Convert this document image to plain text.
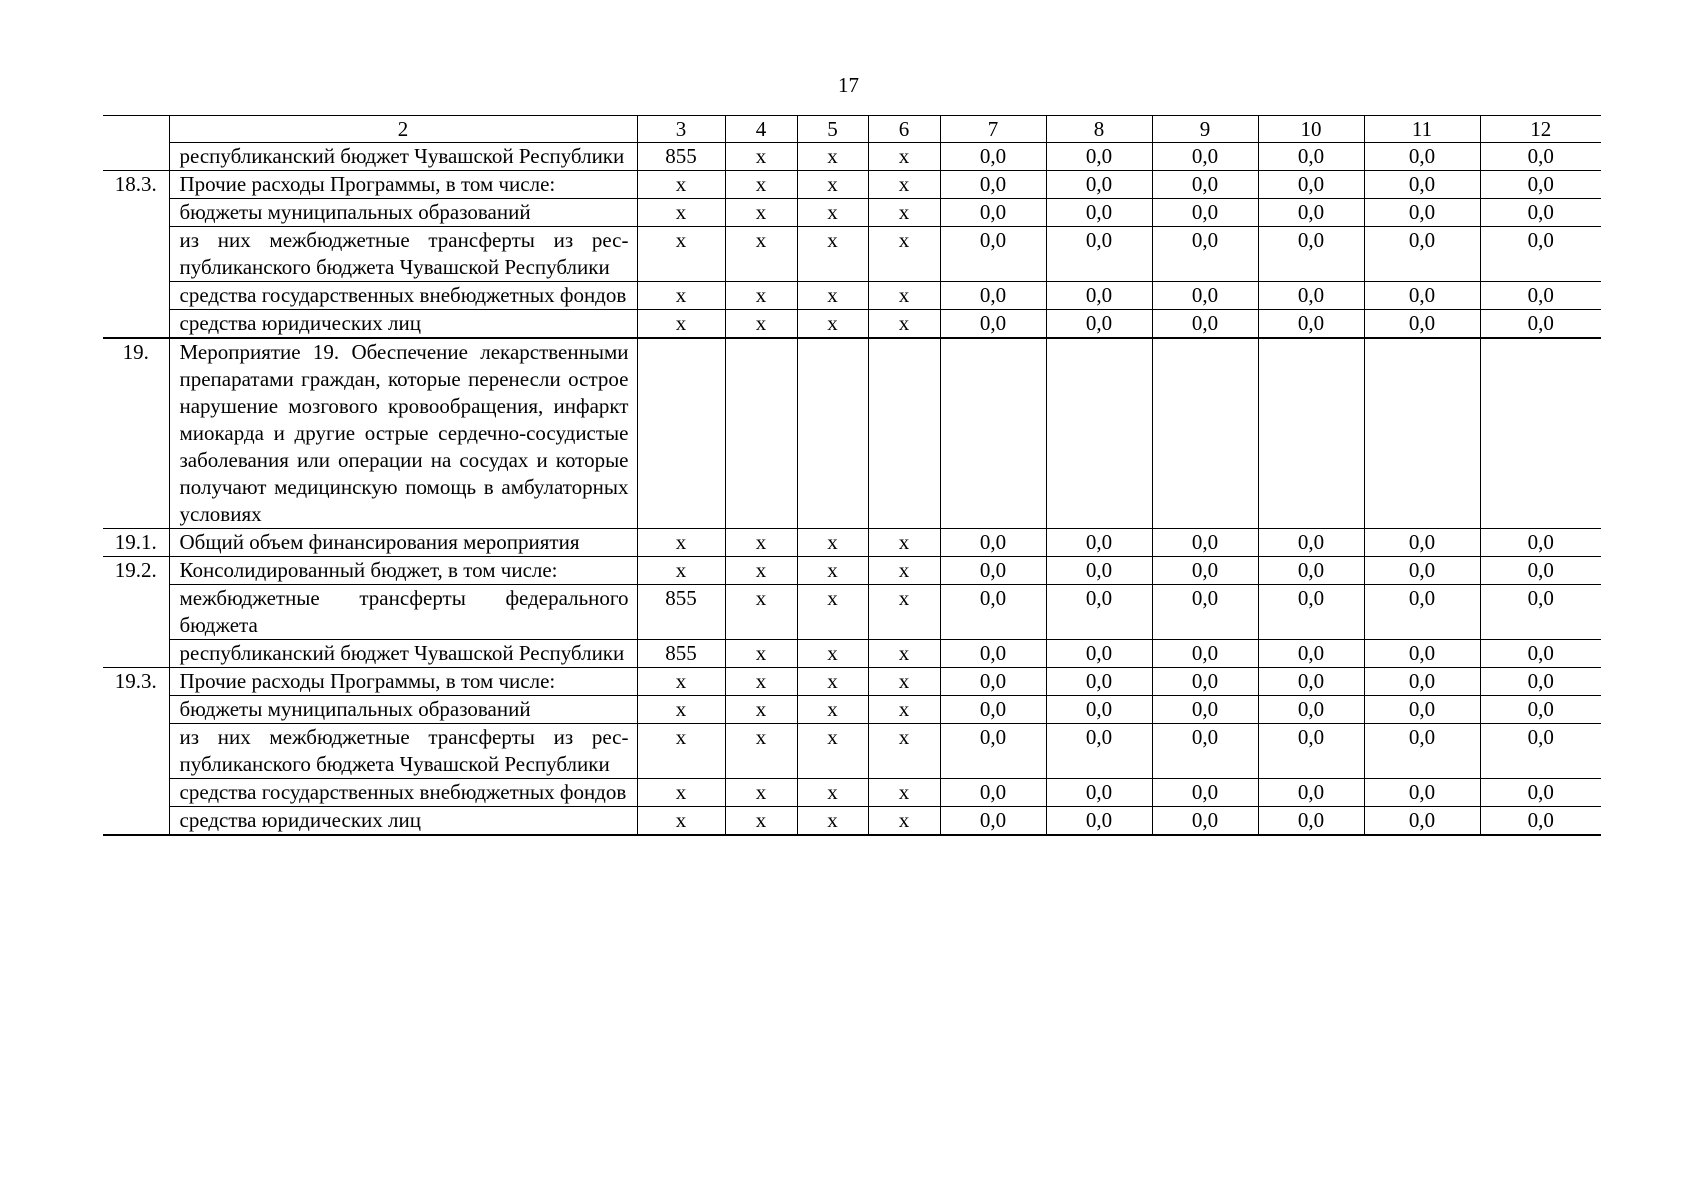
17
	2	3	4	5	6	7	8	9	10	11	12
	республиканский бюджет Чувашской Республики	855	х	х	х	0,0	0,0	0,0	0,0	0,0	0,0
18.3.	Прочие расходы Программы, в том числе:	х	х	х	х	0,0	0,0	0,0	0,0	0,0	0,0
	бюджеты муниципальных образований	х	х	х	х	0,0	0,0	0,0	0,0	0,0	0,0
	из них межбюджетные трансферты из республиканского бюджета Чувашской Республики	х	х	х	х	0,0	0,0	0,0	0,0	0,0	0,0
	средства государственных внебюджетных фондов	х	х	х	х	0,0	0,0	0,0	0,0	0,0	0,0
	средства юридических лиц	х	х	х	х	0,0	0,0	0,0	0,0	0,0	0,0
19.	Мероприятие 19. Обеспечение лекарственными препаратами граждан, которые перенесли острое нарушение мозгового кровообращения, инфаркт миокарда и другие острые сердечно-сосудистые заболевания или операции на сосудах и которые получают медицинскую помощь в амбулаторных условиях										
19.1.	Общий объем финансирования мероприятия	х	х	х	х	0,0	0,0	0,0	0,0	0,0	0,0
19.2.	Консолидированный бюджет, в том числе:	х	х	х	х	0,0	0,0	0,0	0,0	0,0	0,0
	межбюджетные трансферты федерального бюджета	855	х	х	х	0,0	0,0	0,0	0,0	0,0	0,0
	республиканский бюджет Чувашской Республики	855	х	х	х	0,0	0,0	0,0	0,0	0,0	0,0
19.3.	Прочие расходы Программы, в том числе:	х	х	х	х	0,0	0,0	0,0	0,0	0,0	0,0
	бюджеты муниципальных образований	х	х	х	х	0,0	0,0	0,0	0,0	0,0	0,0
	из них межбюджетные трансферты из республиканского бюджета Чувашской Республики	х	х	х	х	0,0	0,0	0,0	0,0	0,0	0,0
	средства государственных внебюджетных фондов	х	х	х	х	0,0	0,0	0,0	0,0	0,0	0,0
	средства юридических лиц	х	х	х	х	0,0	0,0	0,0	0,0	0,0	0,0
